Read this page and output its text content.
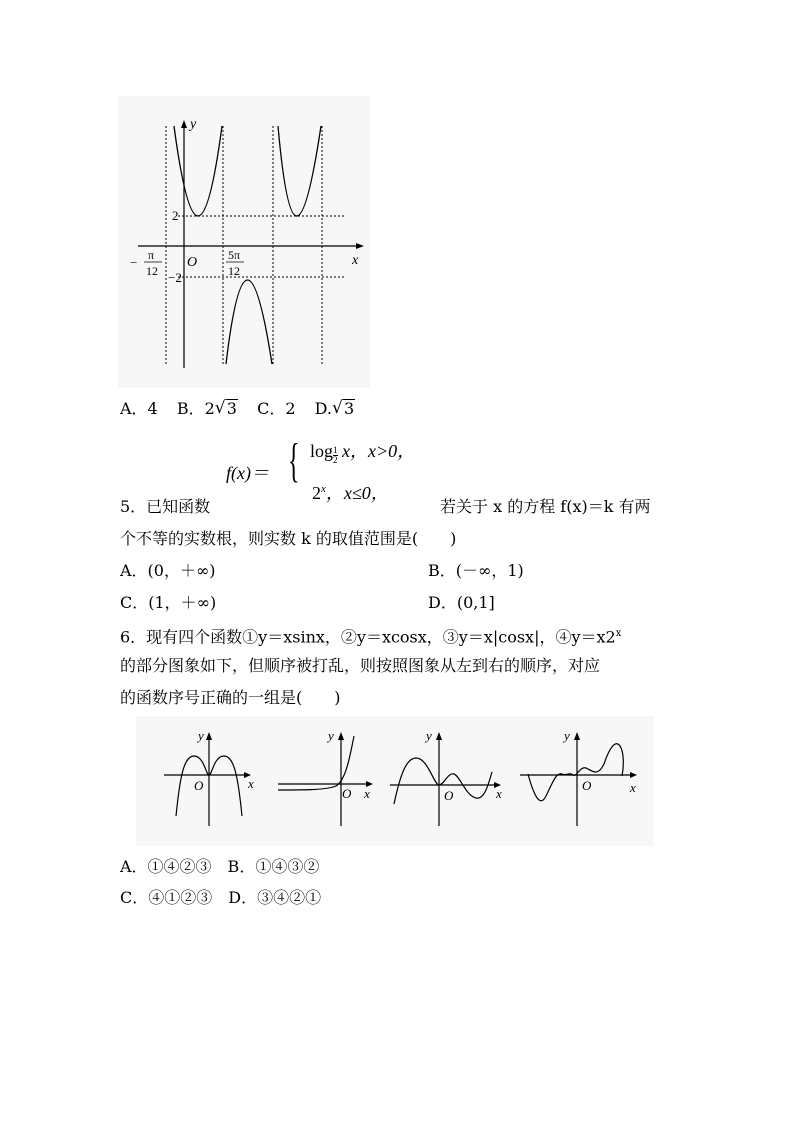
y
x
O
2
−2
− π
12
5π
12
A．4 B．2 √ 3 C．2 D. √ 3
f(x)＝ { $\log \frac{1}{2}$ x，x>0，
2$^x$，x≤0，
5．已知函数	若关于 x 的方程 f(x)＝k 有两
个不等的实数根，则实数 k 的取值范围是(　　)
A．(0，＋∞)	B．(－∞，1)
C．(1，＋∞)	D．(0,1]
6．现有四个函数①y＝xsinx，②y＝xcosx，③y＝x|cosx|，$④y=x2^x$
的部分图象如下，但顺序被打乱，则按照图象从左到右的顺序，对应
的函数序号正确的一组是(　　)
y
x
O
y
x
O
y
x
O
y
x
O
A．①④②③　B．①④③②
C．④①②③　D．③④②①
